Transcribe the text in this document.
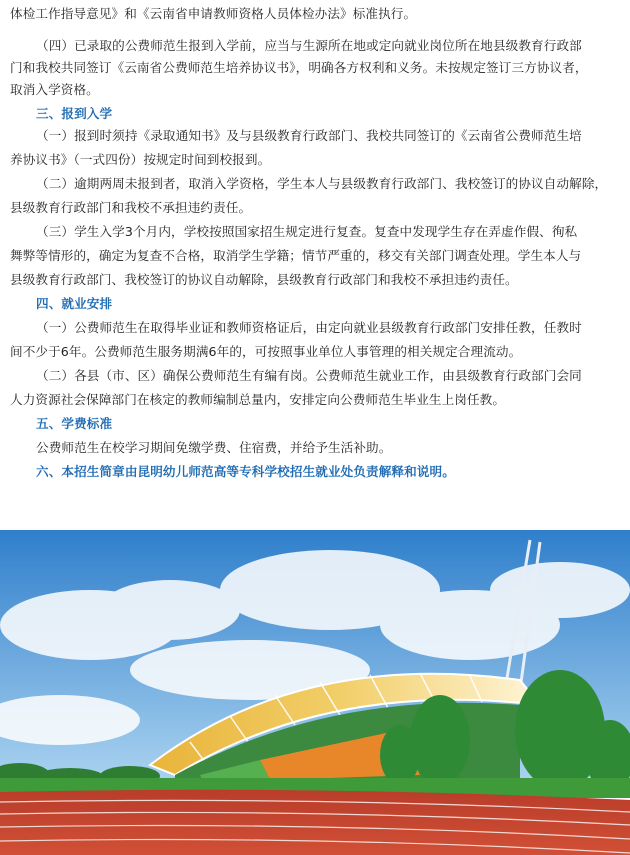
体检工作指导意见》和《云南省申请教师资格人员体检办法》标准执行。
（四）已录取的公费师范生报到入学前，应当与生源所在地或定向就业岗位所在地县级教育行政部
门和我校共同签订《云南省公费师范生培养协议书》，明确各方权利和义务。未按规定签订三方协议者，
取消入学资格。
三、报到入学
（一）报到时须持《录取通知书》及与县级教育行政部门、我校共同签订的《云南省公费师范生培
养协议书》（一式四份）按规定时间到校报到。
（二）逾期两周未报到者，取消入学资格，学生本人与县级教育行政部门、我校签订的协议自动解除，
县级教育行政部门和我校不承担违约责任。
（三）学生入学3个月内，学校按照国家招生规定进行复查。复查中发现学生存在弄虚作假、徇私
舞弊等情形的，确定为复查不合格，取消学生学籍；情节严重的，移交有关部门调查处理。学生本人与
县级教育行政部门、我校签订的协议自动解除，县级教育行政部门和我校不承担违约责任。
四、就业安排
（一）公费师范生在取得毕业证和教师资格证后，由定向就业县级教育行政部门安排任教，任教时
间不少于6年。公费师范生服务期满6年的，可按照事业单位人事管理的相关规定合理流动。
（二）各县（市、区）确保公费师范生有编有岗。公费师范生就业工作，由县级教育行政部门会同
人力资源社会保障部门在核定的教师编制总量内，安排定向公费师范生毕业生上岗任教。
五、学费标准
公费师范生在校学习期间免缴学费、住宿费，并给予生活补助。
六、本招生简章由昆明幼儿师范高等专科学校招生就业处负责解释和说明。
